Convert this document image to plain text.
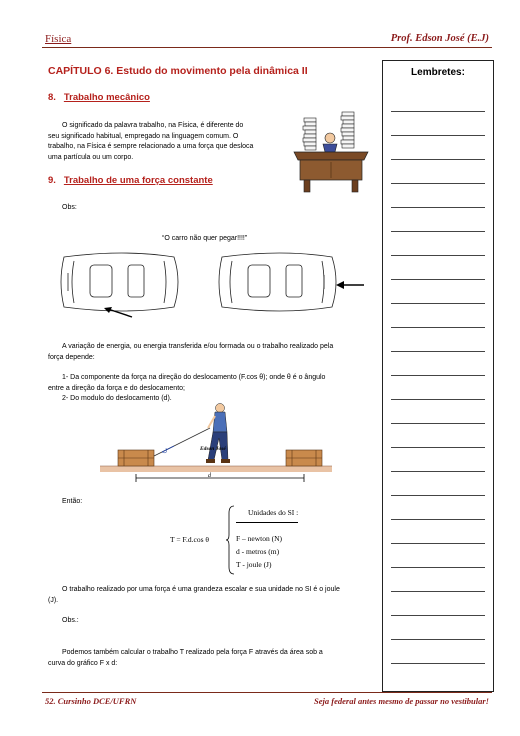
Física	Prof. Edson José (E.J)
CAPÍTULO 6. Estudo do movimento pela dinâmica II
8. Trabalho mecânico
O significado da palavra trabalho, na Física, é diferente do
seu significado habitual, empregado na linguagem comum. O
trabalho, na Física é sempre relacionado a uma força que desloca
uma partícula ou um corpo.
9. Trabalho de uma força constante
Obs:
“O carro não quer pegar!!!!”
A variação de energia, ou energia transferida e/ou formada ou o trabalho realizado pela
força depende:
1- Da componente da força na direção do deslocamento (F.cos θ); onde θ é o ângulo
entre a direção da força e do deslocamento;
2- Do modulo do deslocamento (d).
d
Edson José
Então:
T = F.d.cos θ
Unidades do SI :
F – newton (N)
d - metros (m)
T - joule (J)
O trabalho realizado por uma força é uma grandeza escalar e sua unidade no SI é o joule
(J).
Obs.:
Podemos também calcular o trabalho T realizado pela força F através da área sob a
curva do gráfico F x d:
Lembretes:
52. Cursinho DCE/UFRN	Seja federal antes mesmo de passar no vestibular!
